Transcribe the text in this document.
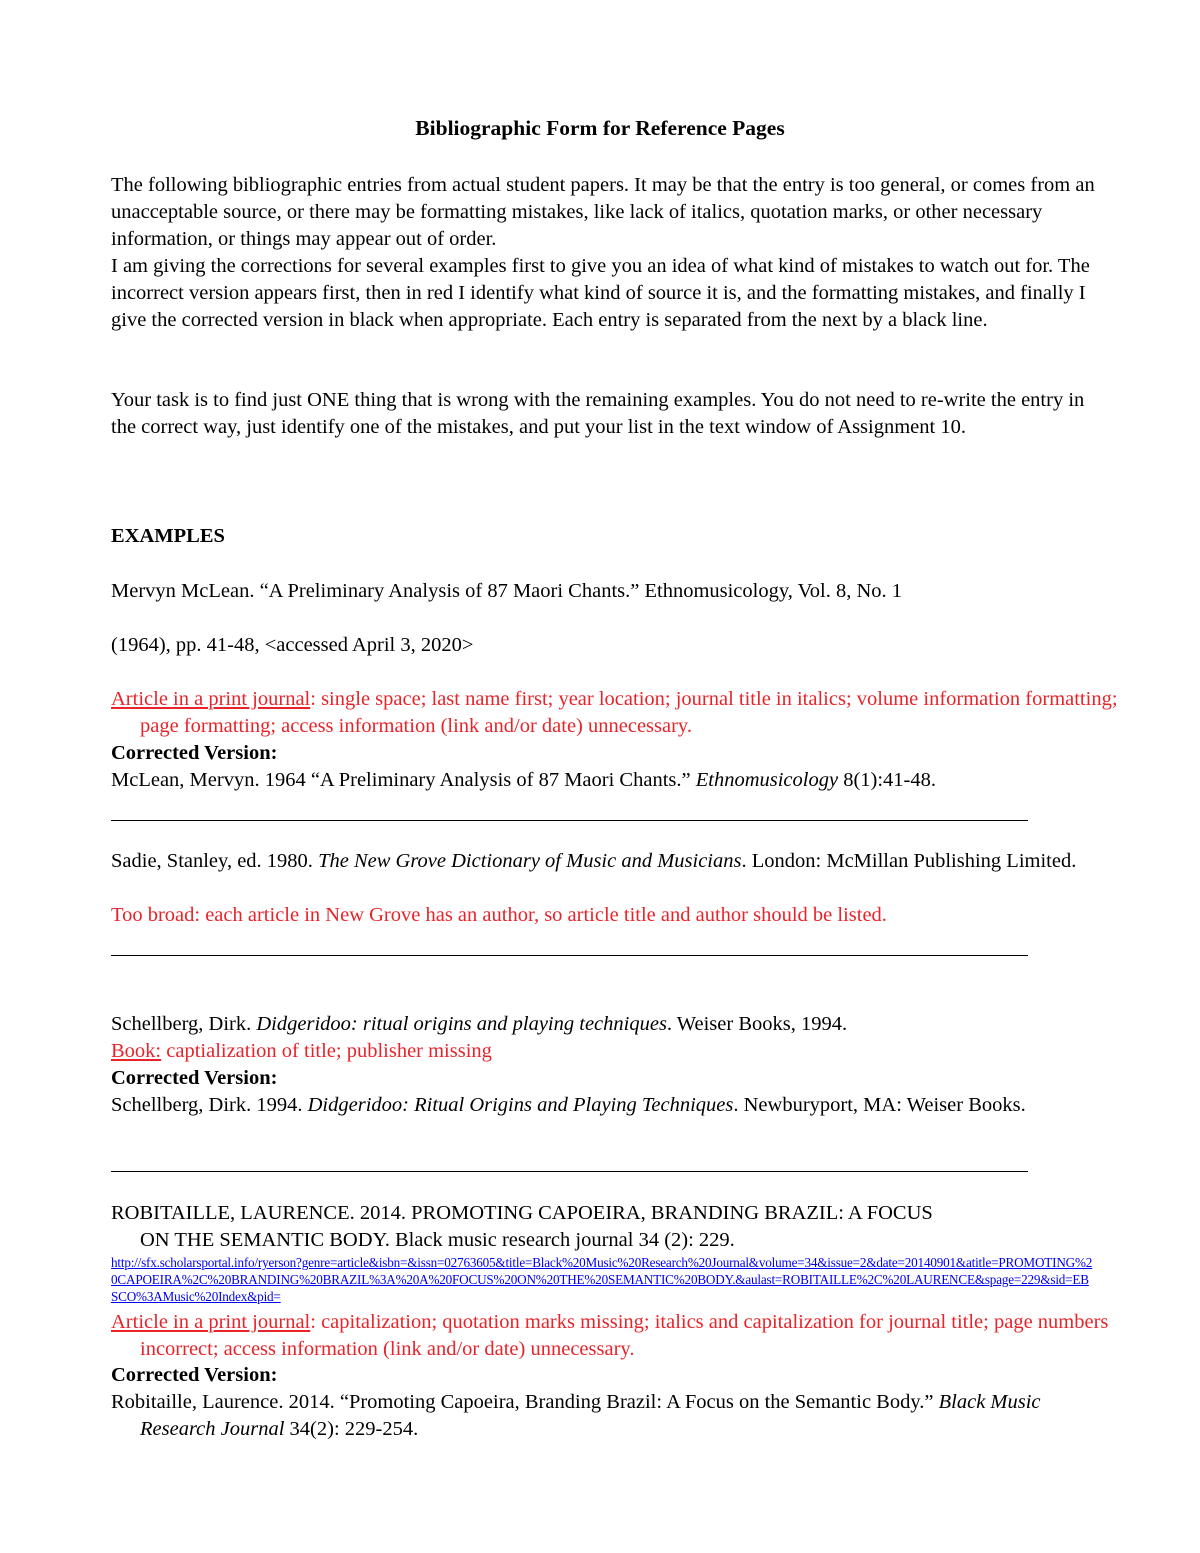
Bibliographic Form for Reference Pages

The following bibliographic entries from actual student papers. It may be that the entry is too general, or comes from an unacceptable source, or there may be formatting mistakes, like lack of italics, quotation marks, or other necessary information, or things may appear out of order.

I am giving the corrections for several examples first to give you an idea of what kind of mistakes to watch out for. The incorrect version appears first, then in red I identify what kind of source it is, and the formatting mistakes, and finally I give the corrected version in black when appropriate. Each entry is separated from the next by a black line.

Your task is to find just ONE thing that is wrong with the remaining examples. You do not need to re-write the entry in the correct way, just identify one of the mistakes, and put your list in the text window of Assignment 10.

EXAMPLES

Mervyn McLean. “A Preliminary Analysis of 87 Maori Chants.” Ethnomusicology, Vol. 8, No. 1

(1964), pp. 41-48, <accessed April 3, 2020>

Article in a print journal: single space; last name first; year location; journal title in italics; volume information formatting; page formatting; access information (link and/or date) unnecessary.

Corrected Version:

McLean, Mervyn. 1964 “A Preliminary Analysis of 87 Maori Chants.” Ethnomusicology 8(1):41-48.

Sadie, Stanley, ed. 1980. The New Grove Dictionary of Music and Musicians. London: McMillan Publishing Limited.

Too broad: each article in New Grove has an author, so article title and author should be listed.

Schellberg, Dirk. Didgeridoo: ritual origins and playing techniques. Weiser Books, 1994.

Book: captialization of title; publisher missing

Corrected Version:

Schellberg, Dirk. 1994. Didgeridoo: Ritual Origins and Playing Techniques. Newburyport, MA: Weiser Books.

ROBITAILLE, LAURENCE. 2014. PROMOTING CAPOEIRA, BRANDING BRAZIL: A FOCUS

ON THE SEMANTIC BODY. Black music research journal 34 (2): 229.

http://sfx.scholarsportal.info/ryerson?genre=article&isbn=&issn=02763605&title=Black%20Music%20Research%20Journal&volume=34&issue=2&date=20140901&atitle=PROMOTING%20CAPOEIRA%2C%20BRANDING%20BRAZIL%3A%20A%20FOCUS%20ON%20THE%20SEMANTIC%20BODY.&aulast=ROBITAILLE%2C%20LAURENCE&spage=229&sid=EBSCO%3AMusic%20Index&pid=

Article in a print journal: capitalization; quotation marks missing; italics and capitalization for journal title; page numbers incorrect; access information (link and/or date) unnecessary.

Corrected Version:

Robitaille, Laurence. 2014. “Promoting Capoeira, Branding Brazil: A Focus on the Semantic Body.” Black Music Research Journal 34(2): 229-254.
